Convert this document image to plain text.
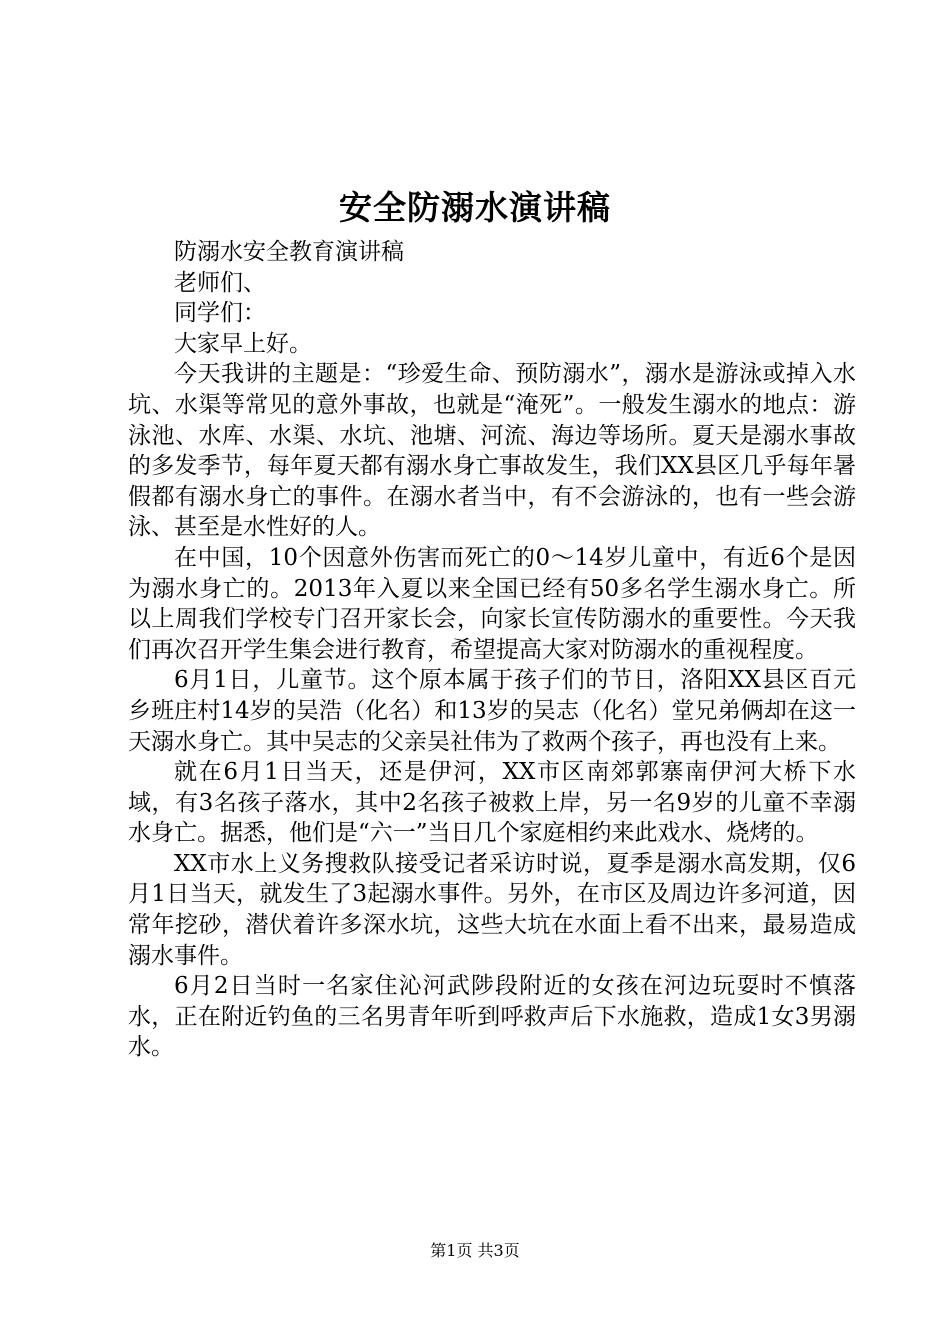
安全防溺水演讲稿

防溺水安全教育演讲稿

老师们、

同学们：

大家早上好。

今天我讲的主题是：“珍爱生命、预防溺水”，溺水是游泳或掉入水坑、水渠等常见的意外事故，也就是“淹死”。一般发生溺水的地点：游泳池、水库、水渠、水坑、池塘、河流、海边等场所。夏天是溺水事故的多发季节，每年夏天都有溺水身亡事故发生，我们XX县区几乎每年暑假都有溺水身亡的事件。在溺水者当中，有不会游泳的，也有一些会游泳、甚至是水性好的人。

在中国，10个因意外伤害而死亡的0～14岁儿童中，有近6个是因为溺水身亡的。2013年入夏以来全国已经有50多名学生溺水身亡。所以上周我们学校专门召开家长会，向家长宣传防溺水的重要性。今天我们再次召开学生集会进行教育，希望提高大家对防溺水的重视程度。

6月1日，儿童节。这个原本属于孩子们的节日，洛阳XX县区百元乡班庄村14岁的吴浩（化名）和13岁的吴志（化名）堂兄弟俩却在这一天溺水身亡。其中吴志的父亲吴社伟为了救两个孩子，再也没有上来。

就在6月1日当天，还是伊河，XX市区南郊郭寨南伊河大桥下水域，有3名孩子落水，其中2名孩子被救上岸，另一名9岁的儿童不幸溺水身亡。据悉，他们是“六一”当日几个家庭相约来此戏水、烧烤的。

XX市水上义务搜救队接受记者采访时说，夏季是溺水高发期，仅6月1日当天，就发生了3起溺水事件。另外，在市区及周边许多河道，因常年挖砂，潜伏着许多深水坑，这些大坑在水面上看不出来，最易造成溺水事件。

6月2日当时一名家住沁河武陟段附近的女孩在河边玩耍时不慎落水，正在附近钓鱼的三名男青年听到呼救声后下水施救，造成1女3男溺水。

第1页 共3页
